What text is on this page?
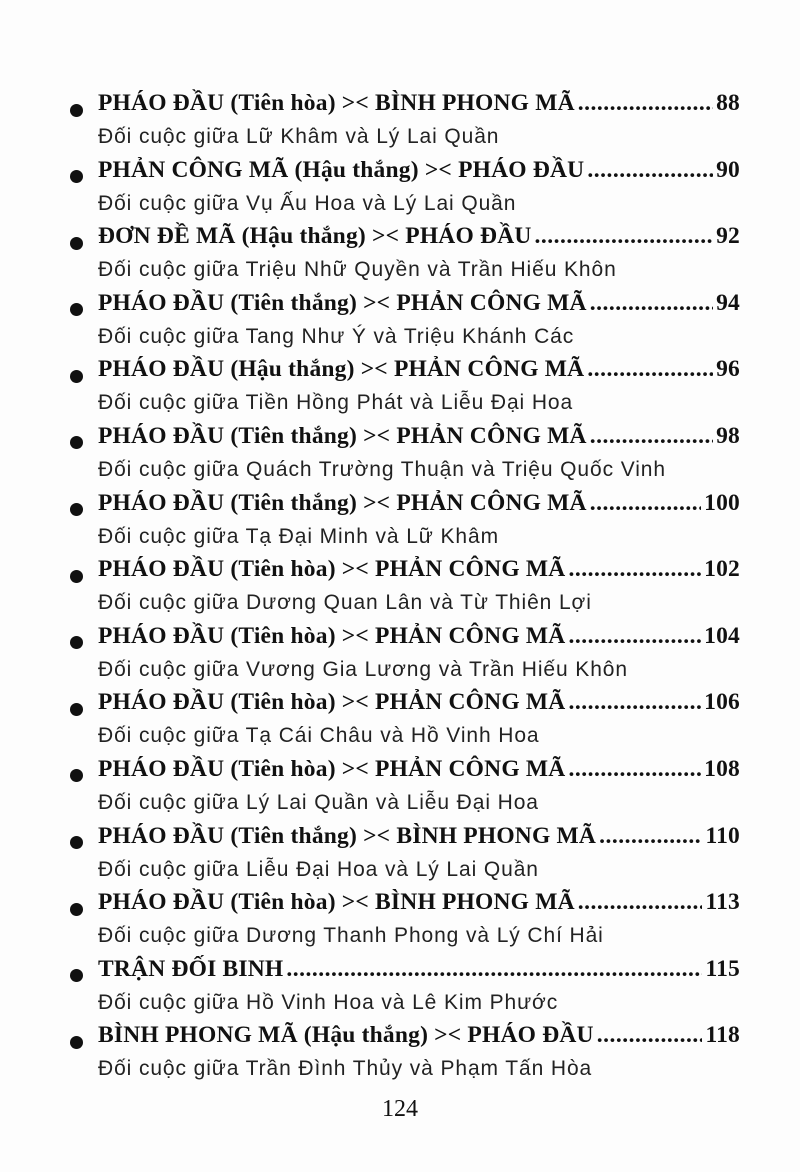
PHÁO ĐẦU (Tiên hòa) >< BÌNH PHONG MÃ .....	88
Đối cuộc giữa Lữ Khâm và Lý Lai Quần
PHẢN CÔNG MÃ (Hậu thắng) >< PHÁO ĐẦU .....	90
Đối cuộc giữa Vụ Ấu Hoa và Lý Lai Quần
ĐƠN ĐỀ MÃ (Hậu thắng) >< PHÁO ĐẦU .....	92
Đối cuộc giữa Triệu Nhữ Quyền và Trần Hiếu Khôn
PHÁO ĐẦU (Tiên thắng) >< PHẢN CÔNG MÃ .....	94
Đối cuộc giữa Tang Như Ý và Triệu Khánh Các
PHÁO ĐẦU (Hậu thắng) >< PHẢN CÔNG MÃ .....	96
Đối cuộc giữa Tiền Hồng Phát và Liễu Đại Hoa
PHÁO ĐẦU (Tiên thắng) >< PHẢN CÔNG MÃ .....	98
Đối cuộc giữa Quách Trường Thuận và Triệu Quốc Vinh
PHÁO ĐẦU (Tiên thắng) >< PHẢN CÔNG MÃ .....	100
Đối cuộc giữa Tạ Đại Minh và Lữ Khâm
PHÁO ĐẦU (Tiên hòa) >< PHẢN CÔNG MÃ .....	102
Đối cuộc giữa Dương Quan Lân và Từ Thiên Lợi
PHÁO ĐẦU (Tiên hòa) >< PHẢN CÔNG MÃ .....	104
Đối cuộc giữa Vương Gia Lương và Trần Hiếu Khôn
PHÁO ĐẦU (Tiên hòa) >< PHẢN CÔNG MÃ .....	106
Đối cuộc giữa Tạ Cái Châu và Hồ Vinh Hoa
PHÁO ĐẦU (Tiên hòa) >< PHẢN CÔNG MÃ .....	108
Đối cuộc giữa Lý Lai Quần và Liễu Đại Hoa
PHÁO ĐẦU (Tiên thắng) >< BÌNH PHONG MÃ .....	110
Đối cuộc giữa Liễu Đại Hoa và Lý Lai Quần
PHÁO ĐẦU (Tiên hòa) >< BÌNH PHONG MÃ .....	113
Đối cuộc giữa Dương Thanh Phong và Lý Chí Hải
TRẬN ĐỐI BINH .....	115
Đối cuộc giữa Hồ Vinh Hoa và Lê Kim Phước
BÌNH PHONG MÃ (Hậu thắng) >< PHÁO ĐẦU .....	118
Đối cuộc giữa Trần Đình Thủy và Phạm Tấn Hòa
124
